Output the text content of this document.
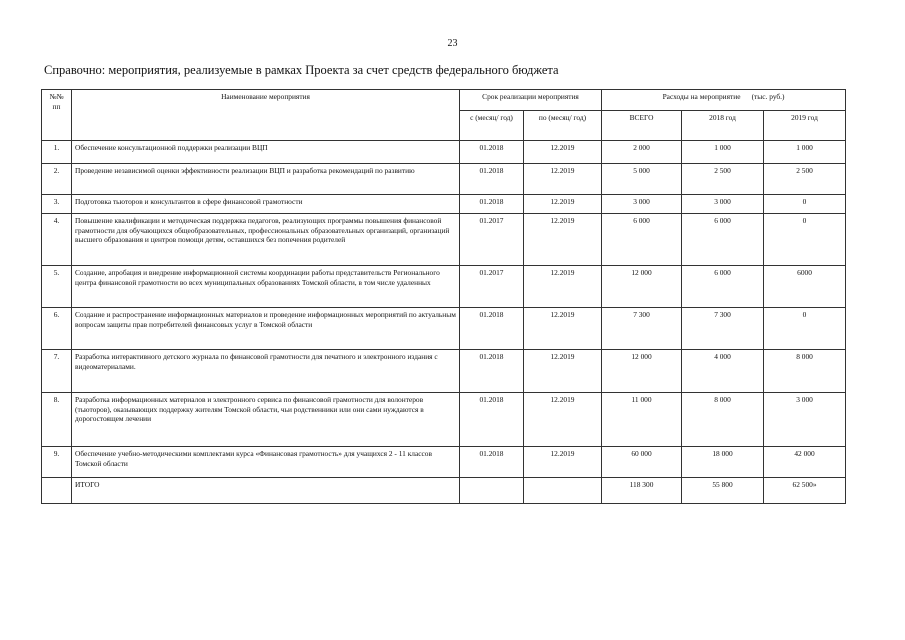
23
Справочно: мероприятия, реализуемые в рамках Проекта за счет средств федерального бюджета
№№ пп	Наименование мероприятия	Срок реализации мероприятия		Расходы на мероприятие      (тыс. руб.)		
		с (месяц/ год)	по (месяц/ год)	ВСЕГО	2018 год	2019 год
1.	Обеспечение консультационной поддержки реализации ВЦП	01.2018	12.2019	2 000	1 000	1 000
2.	Проведение независимой оценки эффективности реализации ВЦП и разработка рекомендаций по развитию	01.2018	12.2019	5 000	2 500	2 500
3.	Подготовка тьюторов и консультантов в сфере финансовой грамотности	01.2018	12.2019	3 000	3 000	0
4.	Повышение квалификации и методическая поддержка педагогов, реализующих программы повышения финансовой грамотности для обучающихся общеобразовательных, профессиональных образовательных организаций, организаций высшего образования и центров помощи детям, оставшихся без попечения родителей	01.2017	12.2019	6 000	6 000	0
5.	Создание, апробация и внедрение информационной системы координации работы представительств Регионального центра финансовой грамотности во всех муниципальных образованиях Томской области, в том числе удаленных	01.2017	12.2019	12 000	6 000	6000
6.	Создание и распространение информационных материалов и проведение информационных мероприятий по актуальным вопросам защиты прав потребителей финансовых услуг в Томской области	01.2018	12.2019	7 300	7 300	0
7.	Разработка интерактивного детского журнала по финансовой грамотности для печатного и электронного издания с видеоматериалами.	01.2018	12.2019	12 000	4 000	8 000
8.	Разработка информационных материалов и электронного сервиса по финансовой грамотности для волонтеров (тьюторов), оказывающих поддержку жителям Томской области, чьи родственники или они сами нуждаются в дорогостоящем лечении	01.2018	12.2019	11 000	8 000	3 000
9.	Обеспечение учебно-методическими комплектами курса «Финансовая грамотность» для учащихся 2 - 11 классов Томской области	01.2018	12.2019	60 000	18 000	42 000
	ИТОГО			118 300	55 800	62 500»
